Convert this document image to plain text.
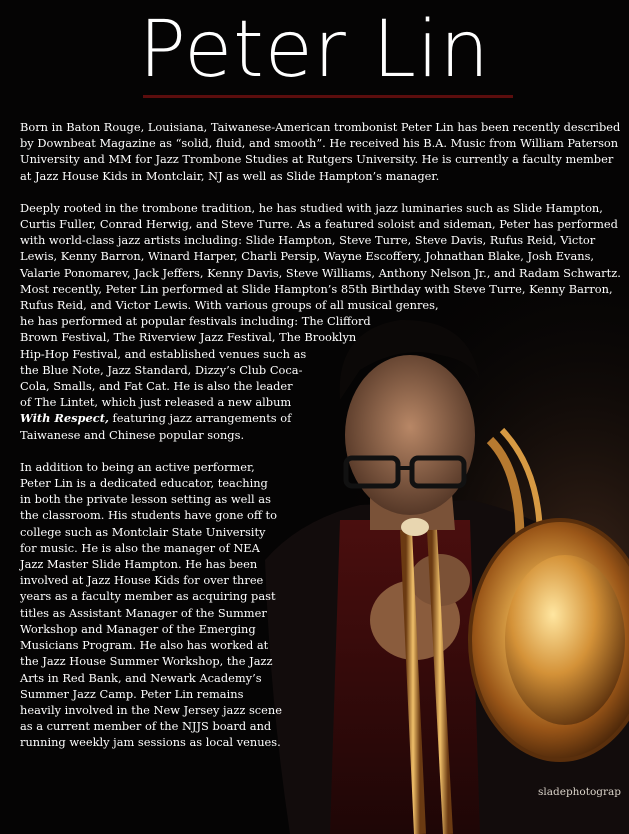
Peter Lin

Born in Baton Rouge, Louisiana, Taiwanese-American trombonist Peter Lin has been recently described
by Downbeat Magazine as “solid, fluid, and smooth”. He received his B.A. Music from William Paterson
University and MM for Jazz Trombone Studies at Rutgers University. He is currently a faculty member
at Jazz House Kids in Montclair, NJ as well as Slide Hampton’s manager.

Deeply rooted in the trombone tradition, he has studied with jazz luminaries such as Slide Hampton,
Curtis Fuller, Conrad Herwig, and Steve Turre. As a featured soloist and sideman, Peter has performed
with world-class jazz artists including: Slide Hampton, Steve Turre, Steve Davis, Rufus Reid, Victor
Lewis, Kenny Barron, Winard Harper, Charli Persip, Wayne Escoffery, Johnathan Blake, Josh Evans,
Valarie Ponomarev, Jack Jeffers, Kenny Davis, Steve Williams, Anthony Nelson Jr., and Radam Schwartz.
Most recently, Peter Lin performed at Slide Hampton’s 85th Birthday with Steve Turre, Kenny Barron,
Rufus Reid, and Victor Lewis. With various groups of all musical genres,
he has performed at popular festivals including: The Clifford
Brown Festival, The Riverview Jazz Festival, The Brooklyn
Hip-Hop Festival, and established venues such as
the Blue Note, Jazz Standard, Dizzy’s Club Coca-
Cola, Smalls, and Fat Cat. He is also the leader
of The Lintet, which just released a new album
With Respect, featuring jazz arrangements of
Taiwanese and Chinese popular songs.

In addition to being an active performer,
Peter Lin is a dedicated educator, teaching
in both the private lesson setting as well as
the classroom. His students have gone off to
college such as Montclair State University
for music. He is also the manager of NEA
Jazz Master Slide Hampton. He has been
involved at Jazz House Kids for over three
years as a faculty member as acquiring past
titles as Assistant Manager of the Summer
Workshop and Manager of the Emerging
Musicians Program. He also has worked at
the Jazz House Summer Workshop, the Jazz
Arts in Red Bank, and Newark Academy’s
Summer Jazz Camp. Peter Lin remains
heavily involved in the New Jersey jazz scene
as a current member of the NJJS board and
running weekly jam sessions as local venues.

sladephotograp
